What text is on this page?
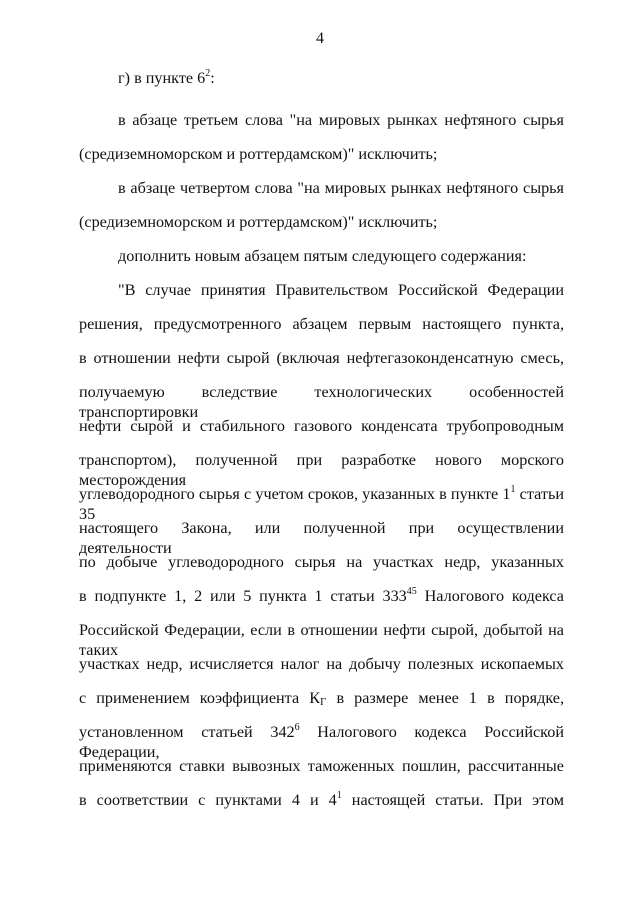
4
г) в пункте $6^2$:
в абзаце третьем слова "на мировых рынках нефтяного сырья
(средиземноморском и роттердамском)" исключить;
в абзаце четвертом слова "на мировых рынках нефтяного сырья
(средиземноморском и роттердамском)" исключить;
дополнить новым абзацем пятым следующего содержания:
"В случае принятия Правительством Российской Федерации
решения, предусмотренного абзацем первым настоящего пункта,
в отношении нефти сырой (включая нефтегазоконденсатную смесь,
получаемую вследствие технологических особенностей транспортировки
нефти сырой и стабильного газового конденсата трубопроводным
транспортом), полученной при разработке нового морского месторождения
углеводородного сырья с учетом сроков, указанных в пункте $1^1$ статьи 35
настоящего Закона, или полученной при осуществлении деятельности
по добыче углеводородного сырья на участках недр, указанных
в подпункте 1, 2 или 5 пункта 1 статьи $333^{45}$ Налогового кодекса
Российской Федерации, если в отношении нефти сырой, добытой на таких
участках недр, исчисляется налог на добычу полезных ископаемых
с применением коэффициента КГ в размере менее 1 в порядке,
установленном статьей $342^6$ Налогового кодекса Российской Федерации,
применяются ставки вывозных таможенных пошлин, рассчитанные
в соответствии с пунктами 4 и $4^1$ настоящей статьи. При этом
